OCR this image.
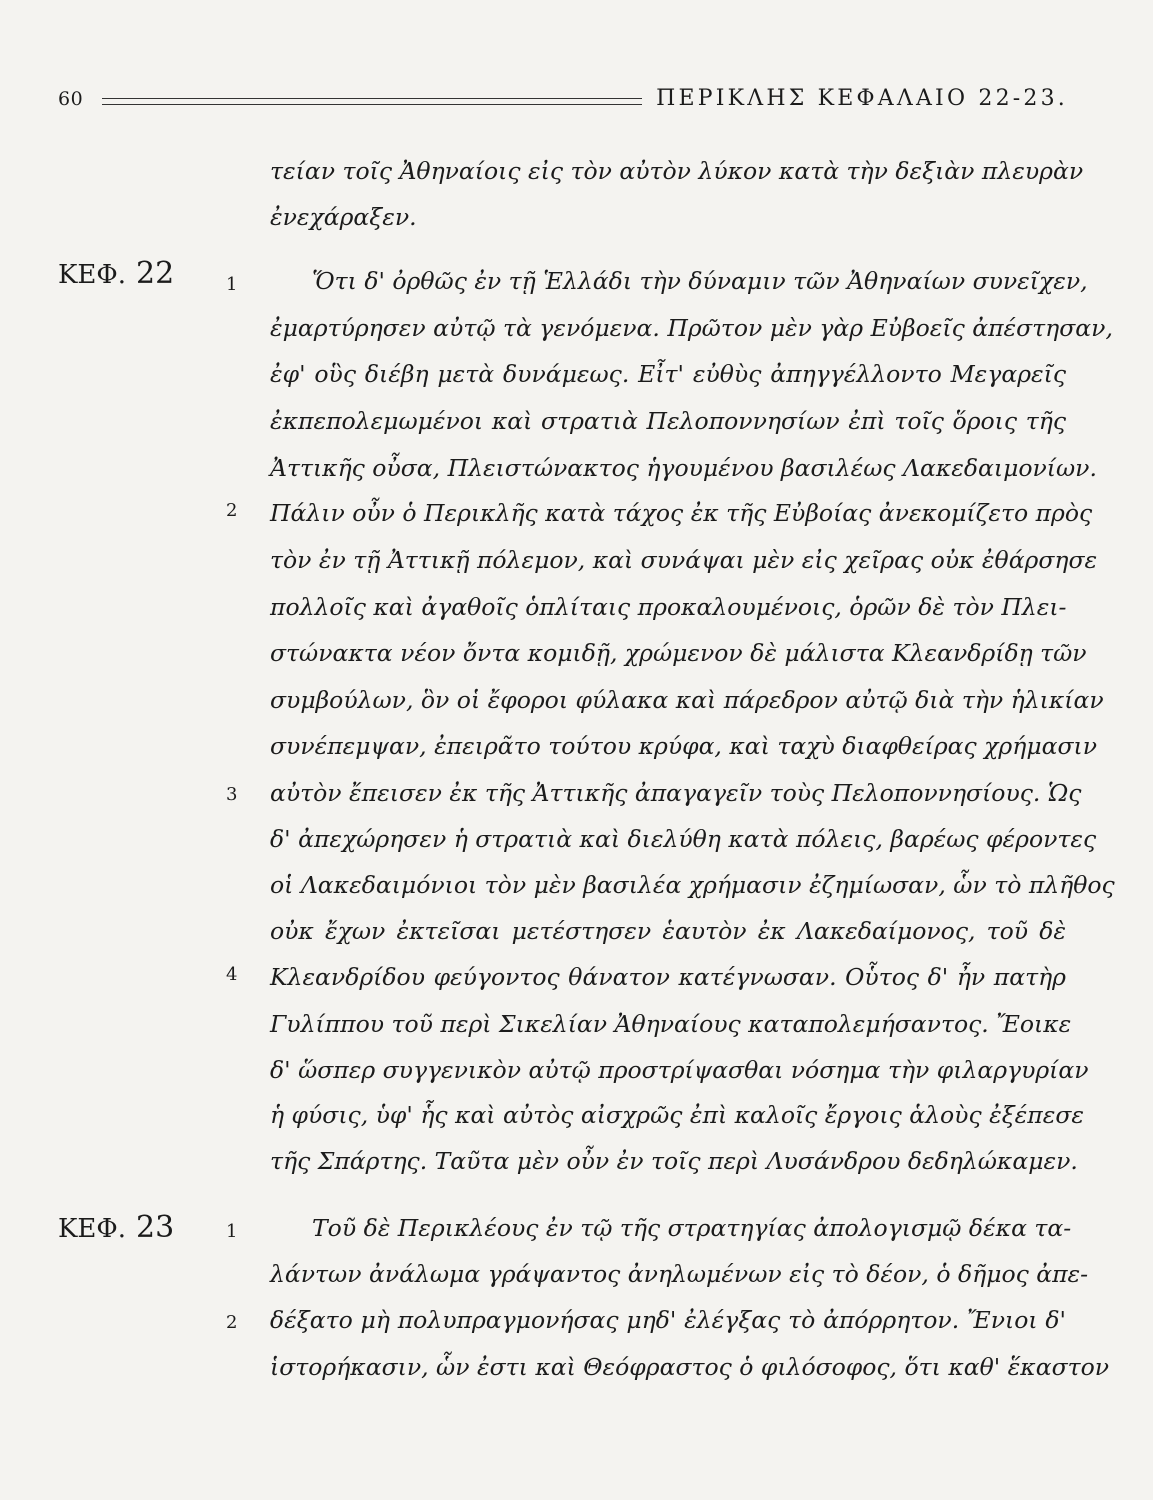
60	ΠΕΡΙΚΛΗΣ ΚΕΦΑΛΑΙΟ 22-23.
ΚΕΦ. 22
ΚΕΦ. 23
1
2
3
4
1
2
τείαν τοῖς Ἀθηναίοις εἰς τὸν αὐτὸν λύκον κατὰ τὴν δεξιὰν πλευρὰν
ἐνεχάραξεν.
Ὅτι δ' ὀρθῶς ἐν τῇ Ἑλλάδι τὴν δύναμιν τῶν Ἀθηναίων συνεῖχεν,
ἐμαρτύρησεν αὐτῷ τὰ γενόμενα. Πρῶτον μὲν γὰρ Εὐβοεῖς ἀπέστησαν,
ἐφ' οὓς διέβη μετὰ δυνάμεως. Εἶτ' εὐθὺς ἀπηγγέλλοντο Μεγαρεῖς
ἐκπεπολεμωμένοι καὶ στρατιὰ Πελοποννησίων ἐπὶ τοῖς ὅροις τῆς
Ἀττικῆς οὖσα, Πλειστώνακτος ἡγουμένου βασιλέως Λακεδαιμονίων.
Πάλιν οὖν ὁ Περικλῆς κατὰ τάχος ἐκ τῆς Εὐβοίας ἀνεκομίζετο πρὸς
τὸν ἐν τῇ Ἀττικῇ πόλεμον, καὶ συνάψαι μὲν εἰς χεῖρας οὐκ ἐθάρσησε
πολλοῖς καὶ ἀγαθοῖς ὁπλίταις προκαλουμένοις, ὁρῶν δὲ τὸν Πλει-
στώνακτα νέον ὄντα κομιδῇ, χρώμενον δὲ μάλιστα Κλεανδρίδῃ τῶν
συμβούλων, ὃν οἱ ἔφοροι φύλακα καὶ πάρεδρον αὐτῷ διὰ τὴν ἡλικίαν
συνέπεμψαν, ἐπειρᾶτο τούτου κρύφα, καὶ ταχὺ διαφθείρας χρήμασιν
αὐτὸν ἔπεισεν ἐκ τῆς Ἀττικῆς ἀπαγαγεῖν τοὺς Πελοποννησίους. Ὡς
δ' ἀπεχώρησεν ἡ στρατιὰ καὶ διελύθη κατὰ πόλεις, βαρέως φέροντες
οἱ Λακεδαιμόνιοι τὸν μὲν βασιλέα χρήμασιν ἐζημίωσαν, ὧν τὸ πλῆθος
οὐκ ἔχων ἐκτεῖσαι μετέστησεν ἑαυτὸν ἐκ Λακεδαίμονος, τοῦ δὲ
Κλεανδρίδου φεύγοντος θάνατον κατέγνωσαν. Οὗτος δ' ἦν πατὴρ
Γυλίππου τοῦ περὶ Σικελίαν Ἀθηναίους καταπολεμήσαντος. Ἔοικε
δ' ὥσπερ συγγενικὸν αὐτῷ προστρίψασθαι νόσημα τὴν φιλαργυρίαν
ἡ φύσις, ὑφ' ἧς καὶ αὐτὸς αἰσχρῶς ἐπὶ καλοῖς ἔργοις ἁλοὺς ἐξέπεσε
τῆς Σπάρτης. Ταῦτα μὲν οὖν ἐν τοῖς περὶ Λυσάνδρου δεδηλώκαμεν.
Τοῦ δὲ Περικλέους ἐν τῷ τῆς στρατηγίας ἀπολογισμῷ δέκα τα-
λάντων ἀνάλωμα γράψαντος ἀνηλωμένων εἰς τὸ δέον, ὁ δῆμος ἀπε-
δέξατο μὴ πολυπραγμονήσας μηδ' ἐλέγξας τὸ ἀπόρρητον. Ἔνιοι δ'
ἱστορήκασιν, ὧν ἐστι καὶ Θεόφραστος ὁ φιλόσοφος, ὅτι καθ' ἕκαστον
